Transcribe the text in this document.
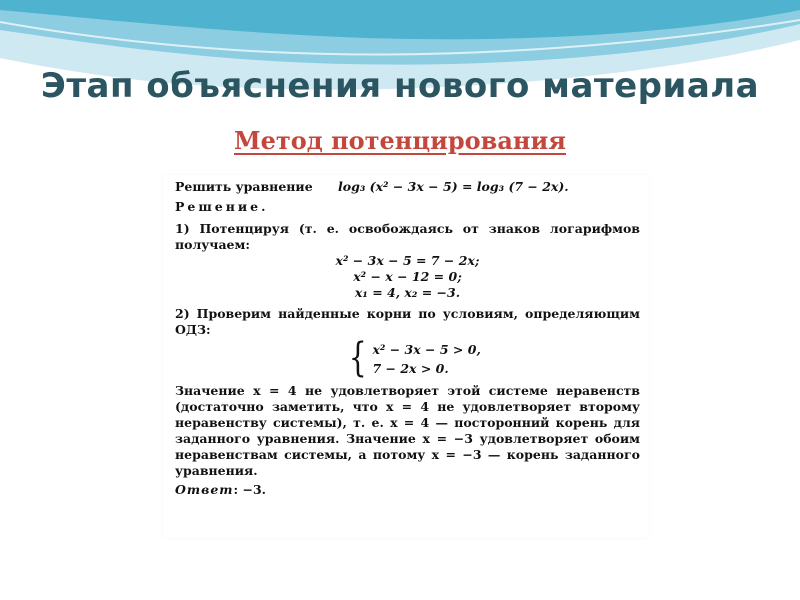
Этап объяснения нового материала
Метод потенцирования
Решить уравнение	log₃ (x² − 3x − 5) = log₃ (7 − 2x).
Решение.
1) Потенцируя (т. е. освобождаясь от знаков логарифмов получаем:
x² − 3x − 5 = 7 − 2x;
x² − x − 12 = 0;
x₁ = 4, x₂ = −3.
2) Проверим найденные корни по условиям, определяющим ОДЗ:
{ x² − 3x − 5 > 0,
7 − 2x > 0.
Значение x = 4 не удовлетворяет этой системе неравенств (достаточно заметить, что x = 4 не удовлетворяет второму неравенству системы), т. е. x = 4 — посторонний корень для заданного уравнения. Значение x = −3 удовлетворяет обоим неравенствам системы, а потому x = −3 — корень заданного уравнения.
Ответ: −3.
